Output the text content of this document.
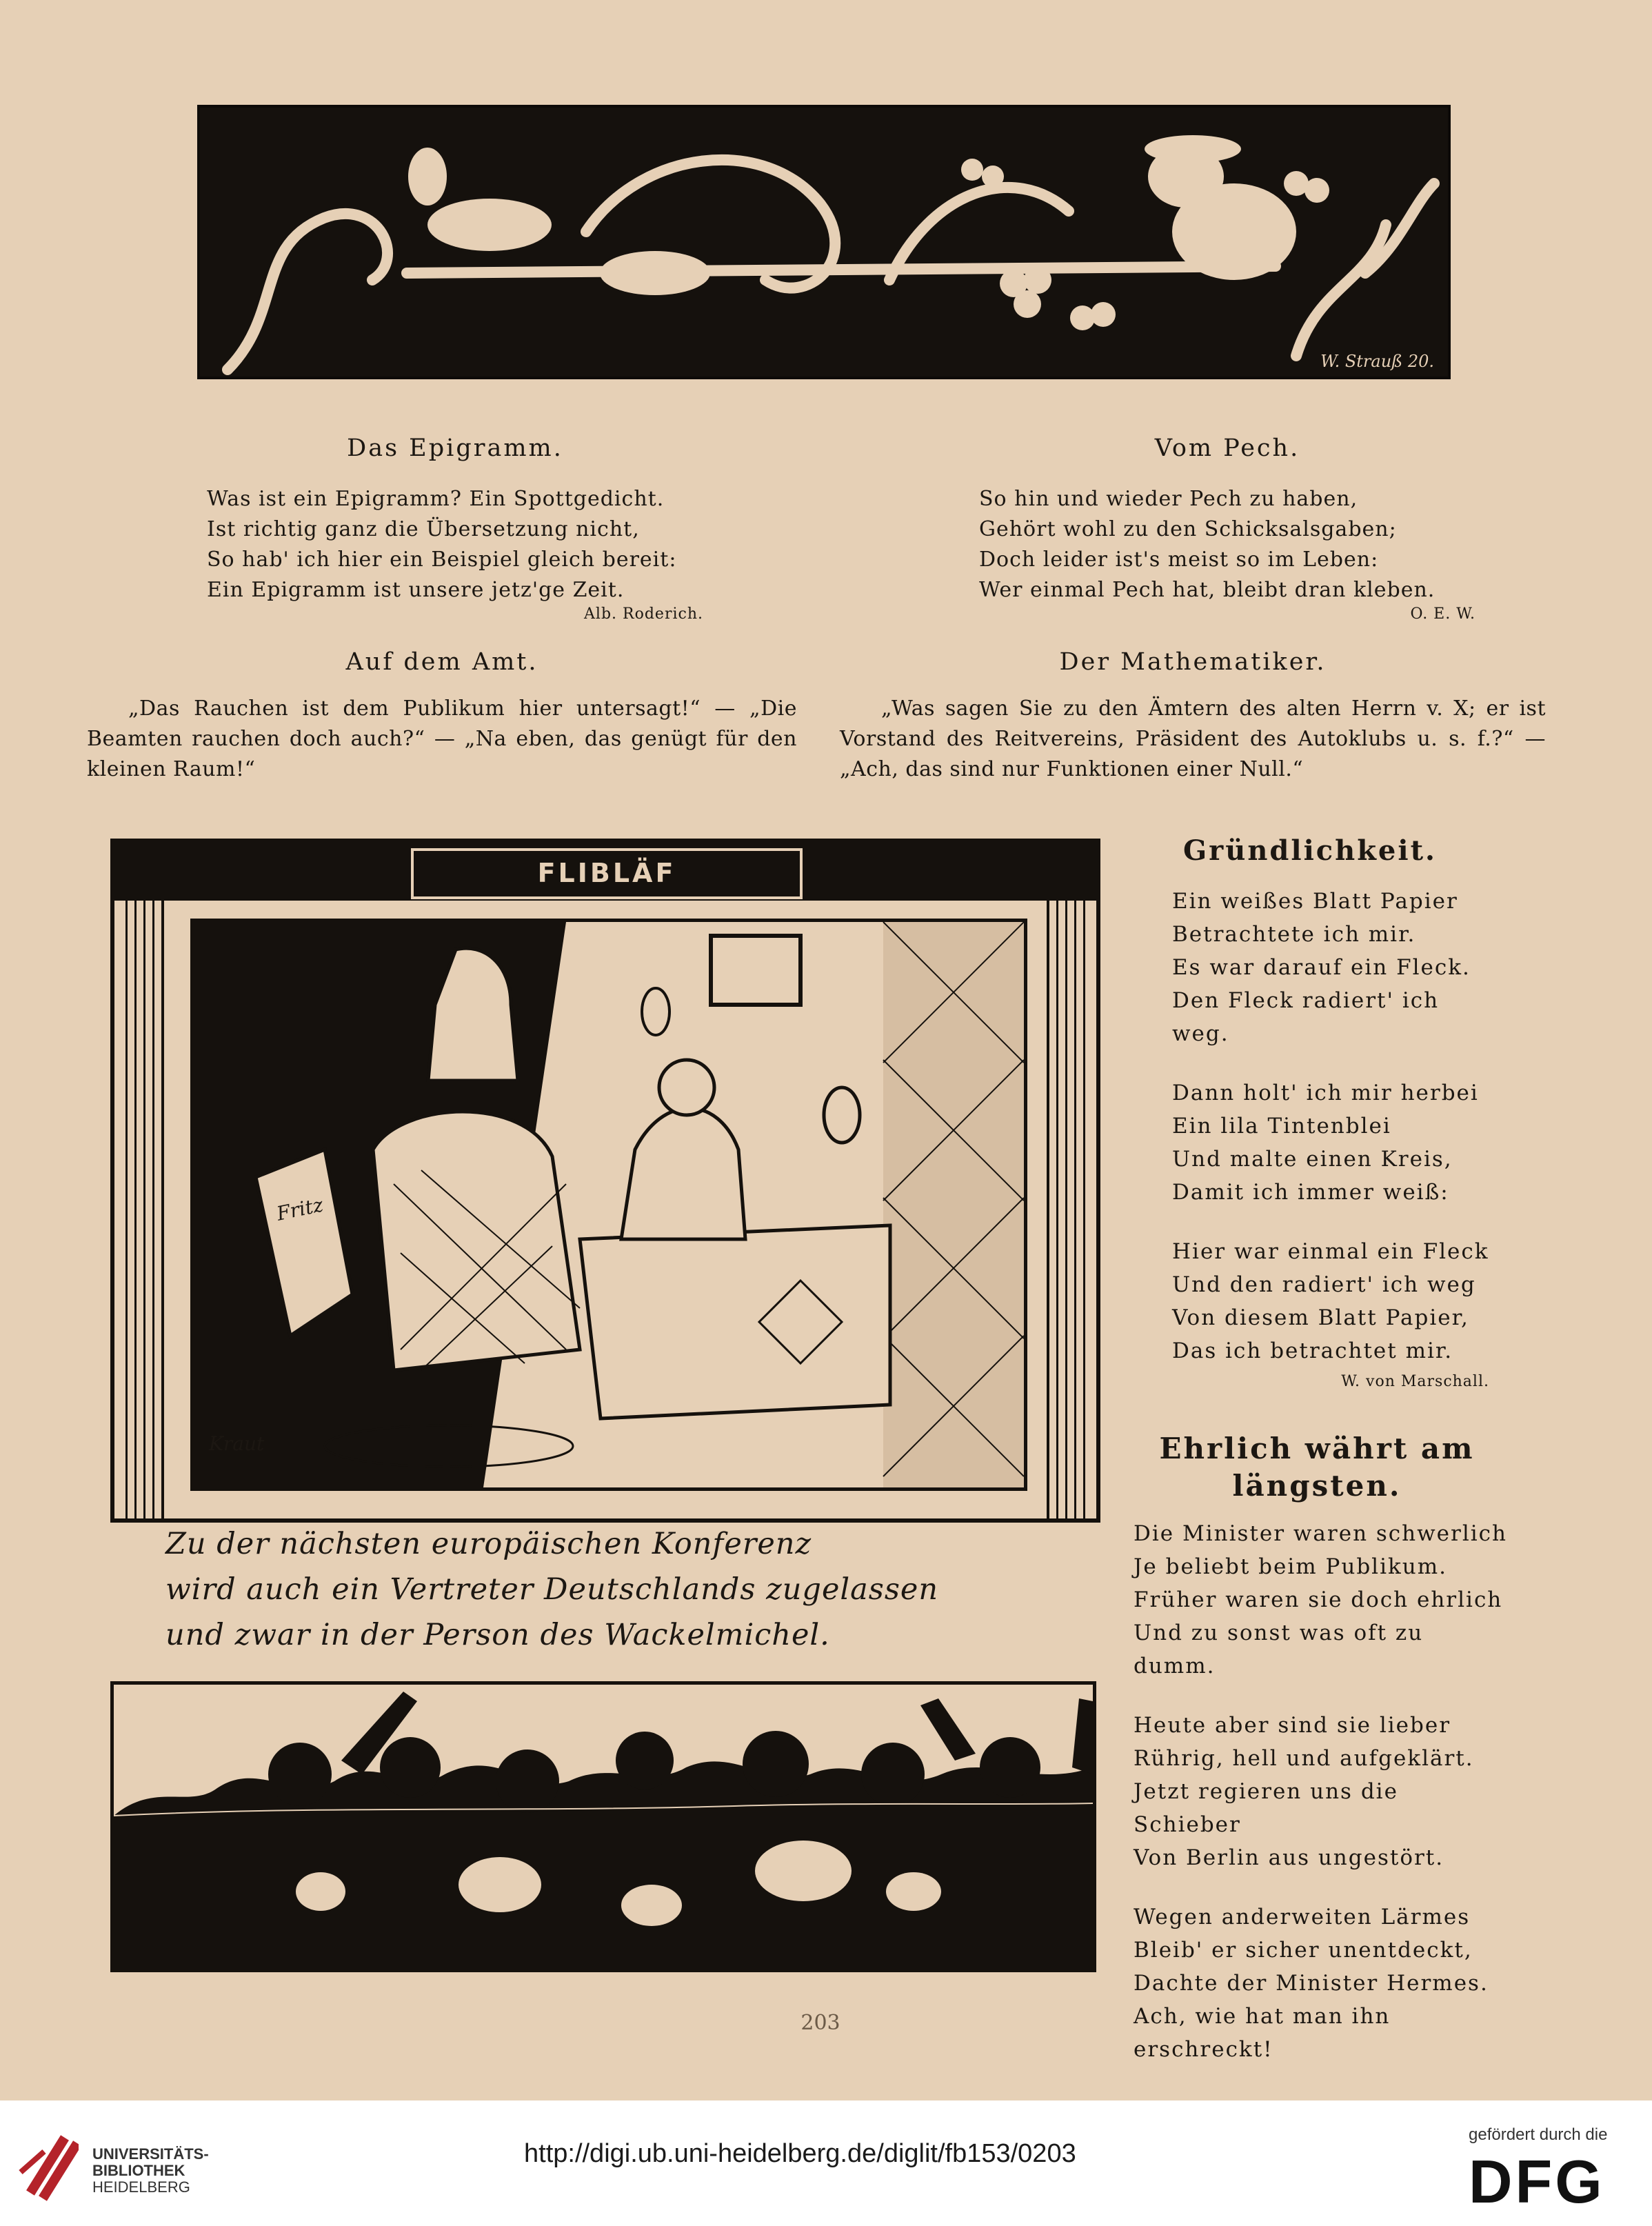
W. Strauß 20.
Das Epigramm.

Was ist ein Epigramm? Ein Spottgedicht.

Ist richtig ganz die Übersetzung nicht,

So hab' ich hier ein Beispiel gleich bereit:

Ein Epigramm ist unsere jetz'ge Zeit.

Alb. Roderich.
Vom Pech.

So hin und wieder Pech zu haben,

Gehört wohl zu den Schicksalsgaben;

Doch leider ist's meist so im Leben:

Wer einmal Pech hat, bleibt dran kleben.

O. E. W.
Auf dem Amt.

„Das Rauchen ist dem Publikum hier untersagt!“ — „Die Beamten rauchen doch auch?“ — „Na eben, das genügt für den kleinen Raum!“

Der Mathematiker.

„Was sagen Sie zu den Ämtern des alten Herrn v. X; er ist Vorstand des Reitvereins, Präsident des Autoklubs u. s. f.?“ — „Ach, das sind nur Funktionen einer Null.“

FLIBLÄF
Fritz
Kraut
Zu der nächsten europäischen Konferenz
wird auch ein Vertreter Deutschlands zugelassen
und zwar in der Person des Wackelmichel.
Gründlichkeit.

Ein weißes Blatt Papier

Betrachtete ich mir.

Es war darauf ein Fleck.

Den Fleck radiert' ich weg.

Dann holt' ich mir herbei

Ein lila Tintenblei

Und malte einen Kreis,

Damit ich immer weiß:

Hier war einmal ein Fleck

Und den radiert' ich weg

Von diesem Blatt Papier,

Das ich betrachtet mir.

W. von Marschall.
Ehrlich währt am
längsten.

Die Minister waren schwerlich

Je beliebt beim Publikum.

Früher waren sie doch ehrlich

Und zu sonst was oft zu dumm.

Heute aber sind sie lieber

Rührig, hell und aufgeklärt.

Jetzt regieren uns die Schieber

Von Berlin aus ungestört.

Wegen anderweiten Lärmes

Bleib' er sicher unentdeckt,

Dachte der Minister Hermes.

Ach, wie hat man ihn erschreckt!

203
UNIVERSITÄTS-
BIBLIOTHEK
HEIDELBERG
http://digi.ub.uni-heidelberg.de/diglit/fb153/0203
gefördert durch die
DFG
